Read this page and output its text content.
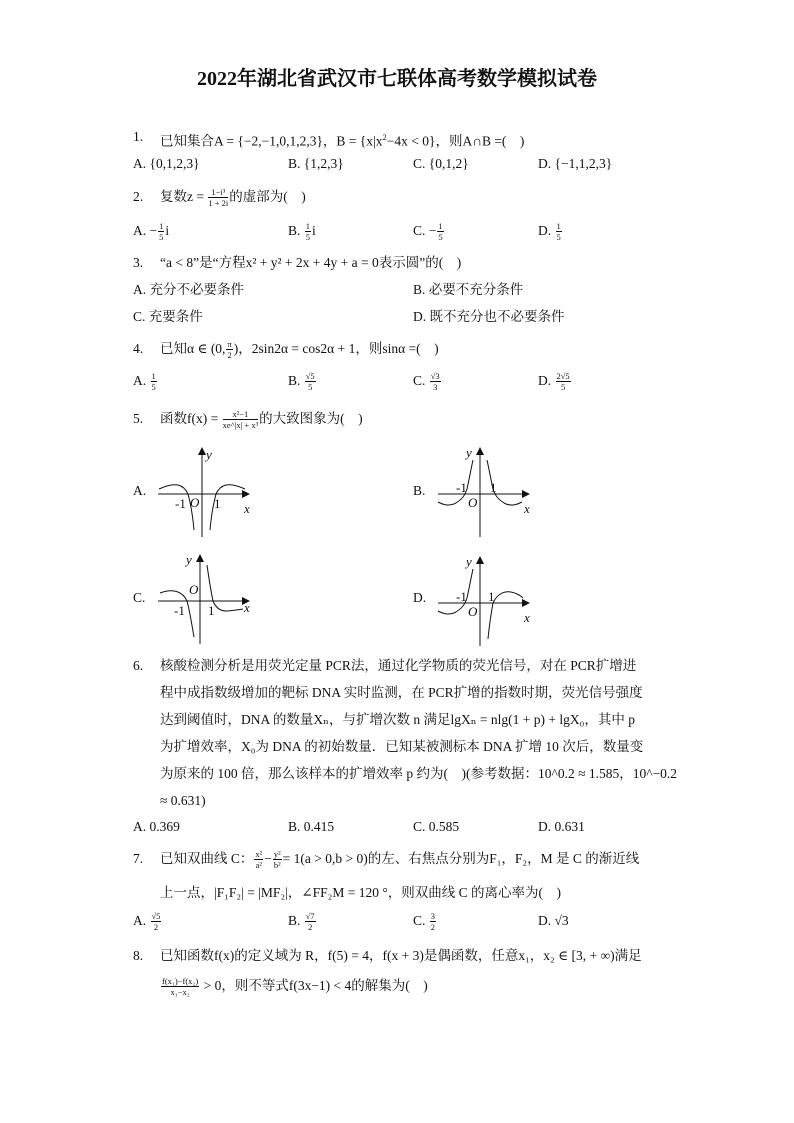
2022年湖北省武汉市七联体高考数学模拟试卷
1. 已知集合A = {−2,−1,0,1,2,3}，$B = \{x|x^2-4x < 0\}$，则A∩B =(　)
A. {0,1,2,3}	B. {1,2,3}	C. {0,1,2}	D. {−1,1,2,3}
2. 复数$z = \frac{\text{1−i³}}{1 + 2i}$ 的虚部为(　)
A. − $\frac{1}{5}$ i	B. $\frac{1}{5}$ i	C. − $\frac{1}{5}$	D. $\frac{1}{5}$
3. “a < 8”是“方程x² + y² + 2x + 4y + a = 0表示圆”的(　)
A. 充分不必要条件	B. 必要不充分条件
C. 充要条件	D. 既不充分也不必要条件
4. 已知α ∈ (0, $\frac{\pi}{2}$ )，2sin2α = cos2α + 1，则sinα =(　)
A. $\frac{1}{5}$	B. $\frac{√5}{5}$	C. $\frac{√3}{3}$	D. $\frac{2√5}{5}$
5. 函数$f(x) = \frac{\text{x²−1}}{\text{xe\textasciicircum{}|x| + x³}}$ 的大致图象为(　)
A.	B.
C.	D.
y
-1 O 1 x
y
-1
O
1
x
y
-1
O
1 x
y
-1
O
1
x
6. 核酸检测分析是用荧光定量 PCR法，通过化学物质的荧光信号，对在 PCR扩增进
程中成指数级增加的靶标 DNA 实时监测，在 PCR扩增的指数时期，荧光信号强度
达到阈值时，DNA 的数量Xₙ，与扩增次数 n 满足lgXₙ = nlg(1 + p) + lgX₀，其中 p
为扩增效率，X₀为 DNA 的初始数量．已知某被测标本 DNA 扩增 10 次后，数量变
为原来的 100 倍，那么该样本的扩增效率 p 约为(　)(参考数据：10^0.2 ≈ 1.585，10^−0.2
≈ 0.631)
A. 0.369	B. 0.415	C. 0.585	D. 0.631
7. 已知双曲线 C： $\frac{\text{x²}}{\text{a²}} - \frac{\text{y²}}{\text{b²}} = 1(a > 0,b > 0)$的左、右焦点分别为F₁，F₂，M 是 C 的渐近线
上一点，|F₁F₂| = |MF₂|，∠FF₂M = 120 °，则双曲线 C 的离心率为(　)
A. $\frac{√5}{2}$	B. $\frac{√7}{2}$	C. $\frac{3}{2}$	D. √3
8. 已知函数f(x)的定义域为 R，f(5) = 4，f(x + 3)是偶函数，任意x₁，x₂ ∈ [3, + ∞)满足
$\frac{\text{f(x₁)−f(x₂)}}{\text{x₁−x₂}} > 0$，则不等式f(3x−1) < 4的解集为(　)
